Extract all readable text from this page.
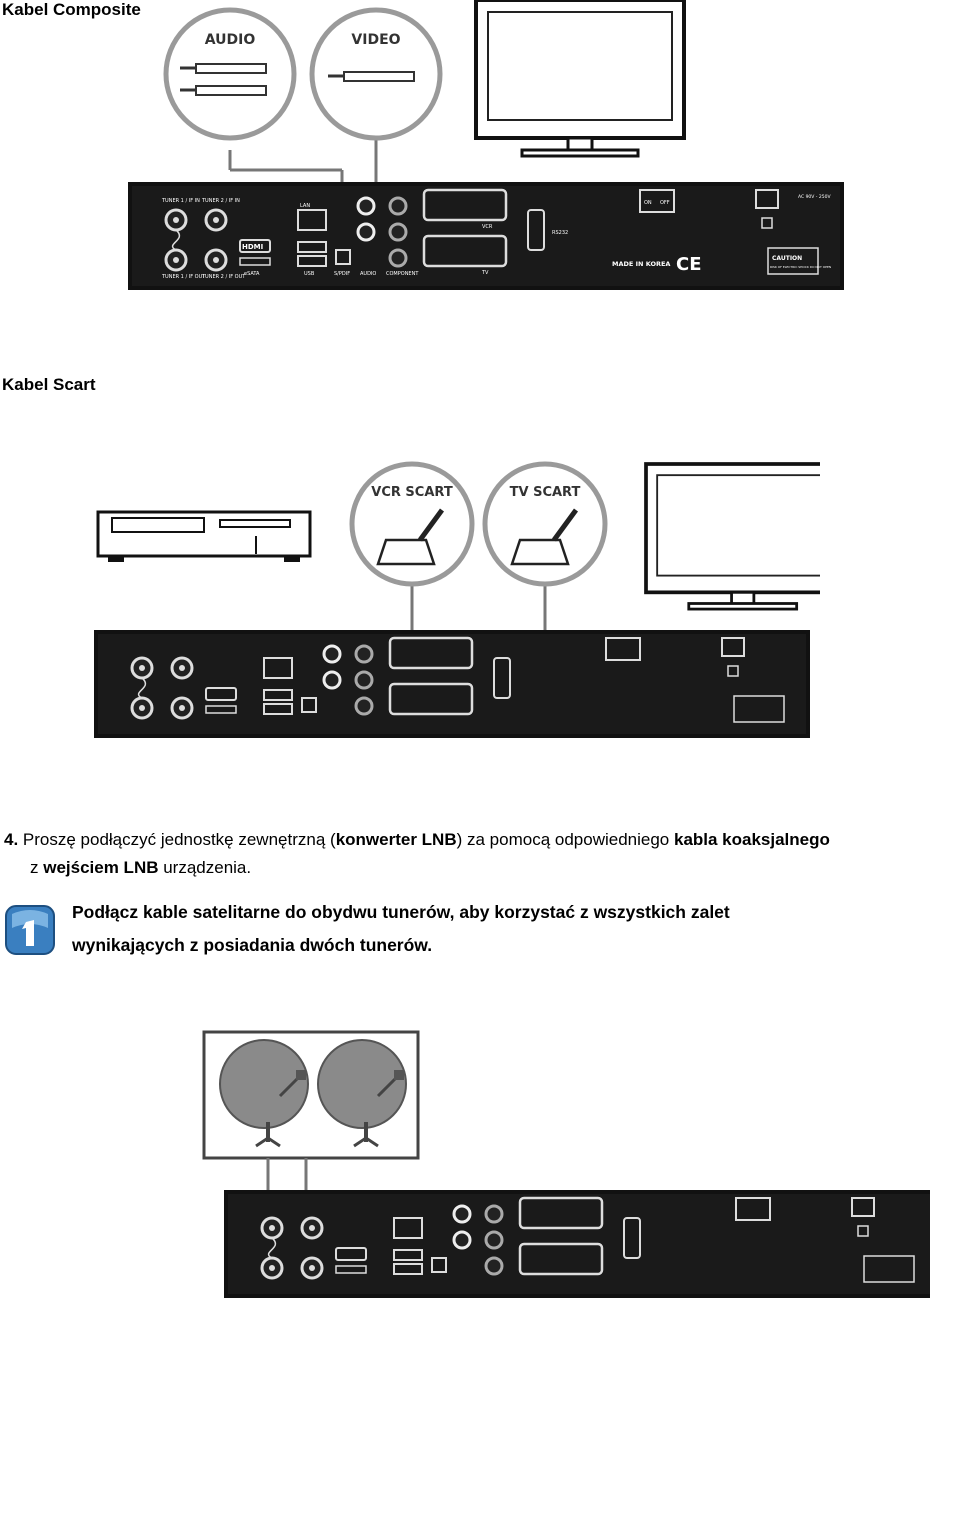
Kabel Composite
AUDIO	VIDEO
TUNER 1 / IF IN TUNER 2 / IF IN
TUNER 1 / IF OUT
TUNER 2 / IF OUT
HDMI
eSATA
LAN
USB	S/PDIF AUDIO COMPONENT
VCR
TV
RS232
ON OFF
MADE IN KOREA CE	CAUTION
RISK OF ELECTRIC SHOCK DO NOT OPEN
AC 90V - 250V
Kabel Scart
VCR SCART	TV SCART

4. Proszę podłączyć jednostkę zewnętrzną (konwerter LNB) za pomocą odpowiedniego kabla koaksjalnego
z wejściem LNB urządzenia.

Podłącz kable satelitarne do obydwu tunerów, aby korzystać z wszystkich zalet
wynikających z posiadania dwóch tunerów.
